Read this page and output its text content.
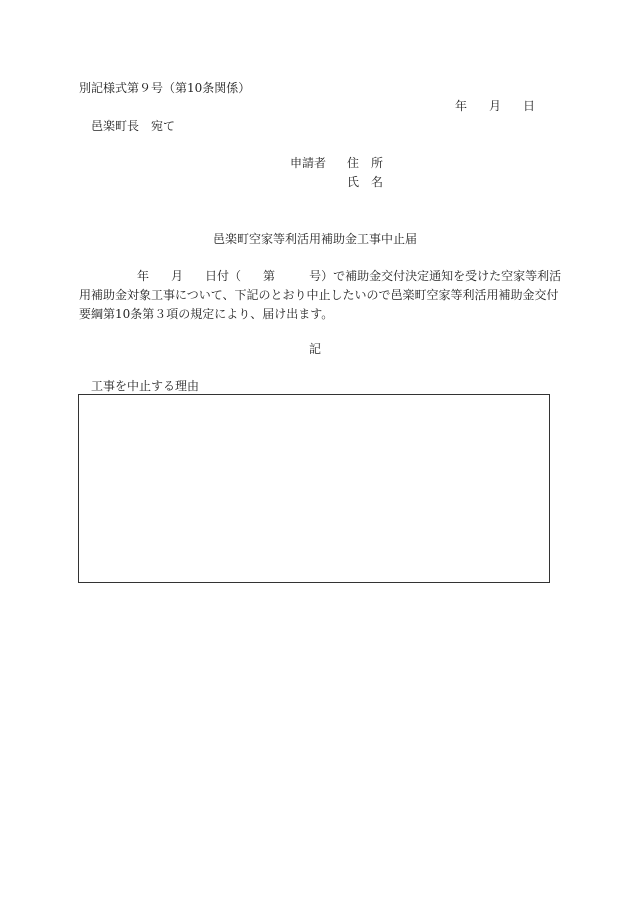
別記様式第９号（第10条関係）
年 月 日
邑楽町長 宛て
申請者 住　所
氏　名
邑楽町空家等利活用補助金工事中止届
年 月 日付（ 第	号）で補助金交付決定通知を受けた空家等利活
用補助金対象工事について、下記のとおり中止したいので邑楽町空家等利活用補助金交付
要綱第10条第３項の規定により、届け出ます。
記
工事を中止する理由
